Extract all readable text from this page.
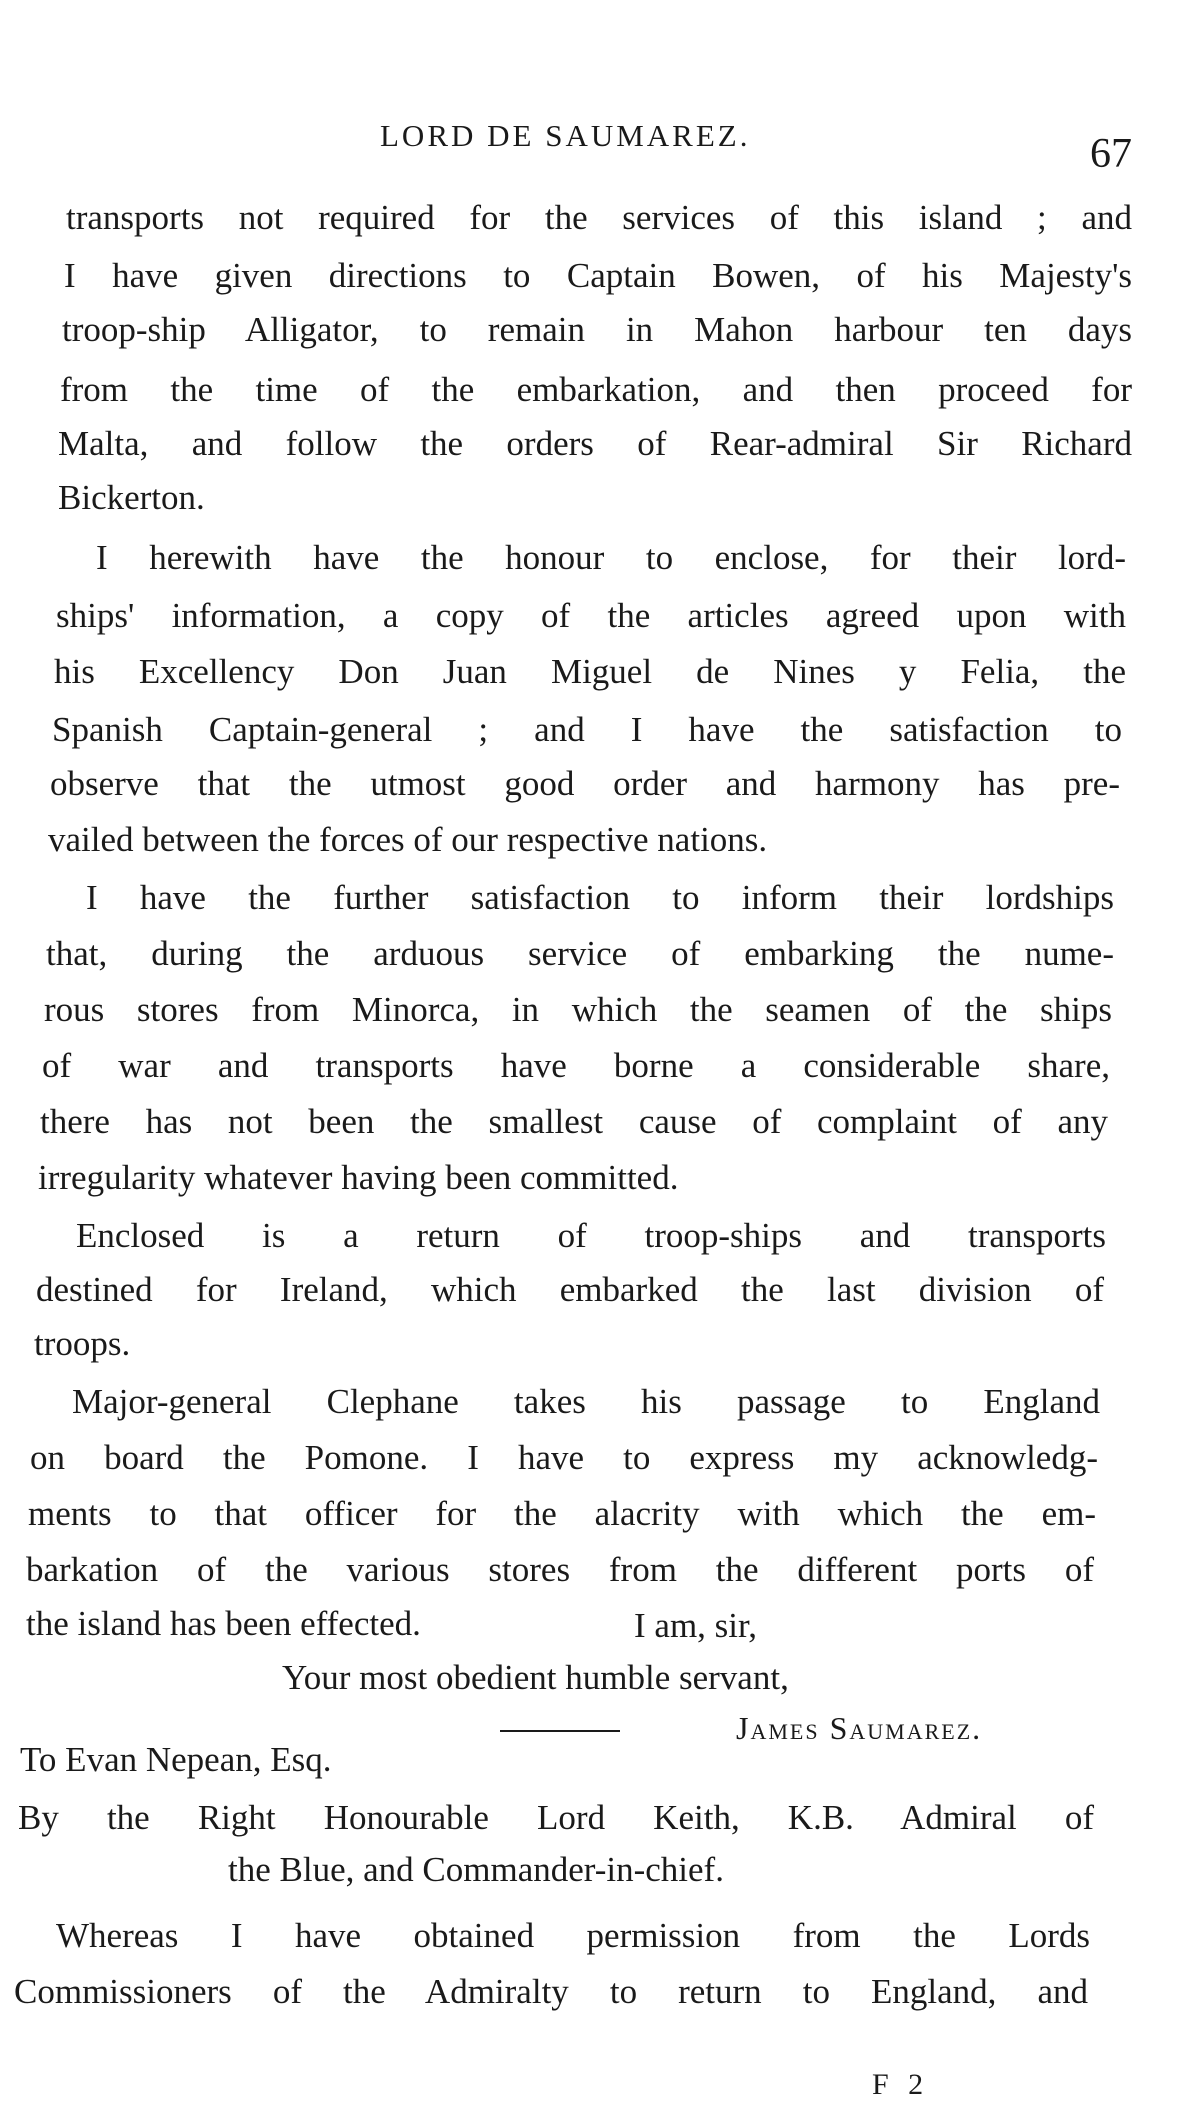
LORD DE SAUMAREZ.	67
transports not required for the services of this island ; and
I have given directions to Captain Bowen, of his Majesty's
troop-ship Alligator, to remain in Mahon harbour ten days
from the time of the embarkation, and then proceed for
Malta, and follow the orders of Rear-admiral Sir Richard
Bickerton.
I herewith have the honour to enclose, for their lord-
ships' information, a copy of the articles agreed upon with
his Excellency Don Juan Miguel de Nines y Felia, the
Spanish Captain-general ; and I have the satisfaction to
observe that the utmost good order and harmony has pre-
vailed between the forces of our respective nations.
I have the further satisfaction to inform their lordships
that, during the arduous service of embarking the nume-
rous stores from Minorca, in which the seamen of the ships
of war and transports have borne a considerable share,
there has not been the smallest cause of complaint of any
irregularity whatever having been committed.
Enclosed is a return of troop-ships and transports
destined for Ireland, which embarked the last division of
troops.
Major-general Clephane takes his passage to England
on board the Pomone. I have to express my acknowledg-
ments to that officer for the alacrity with which the em-
barkation of the various stores from the different ports of
the island has been effected.	I am, sir,
Your most obedient humble servant,
James Saumarez.
To Evan Nepean, Esq.
By the Right Honourable Lord Keith, K.B. Admiral of
the Blue, and Commander-in-chief.
Whereas I have obtained permission from the Lords
Commissioners of the Admiralty to return to England, and
F 2
